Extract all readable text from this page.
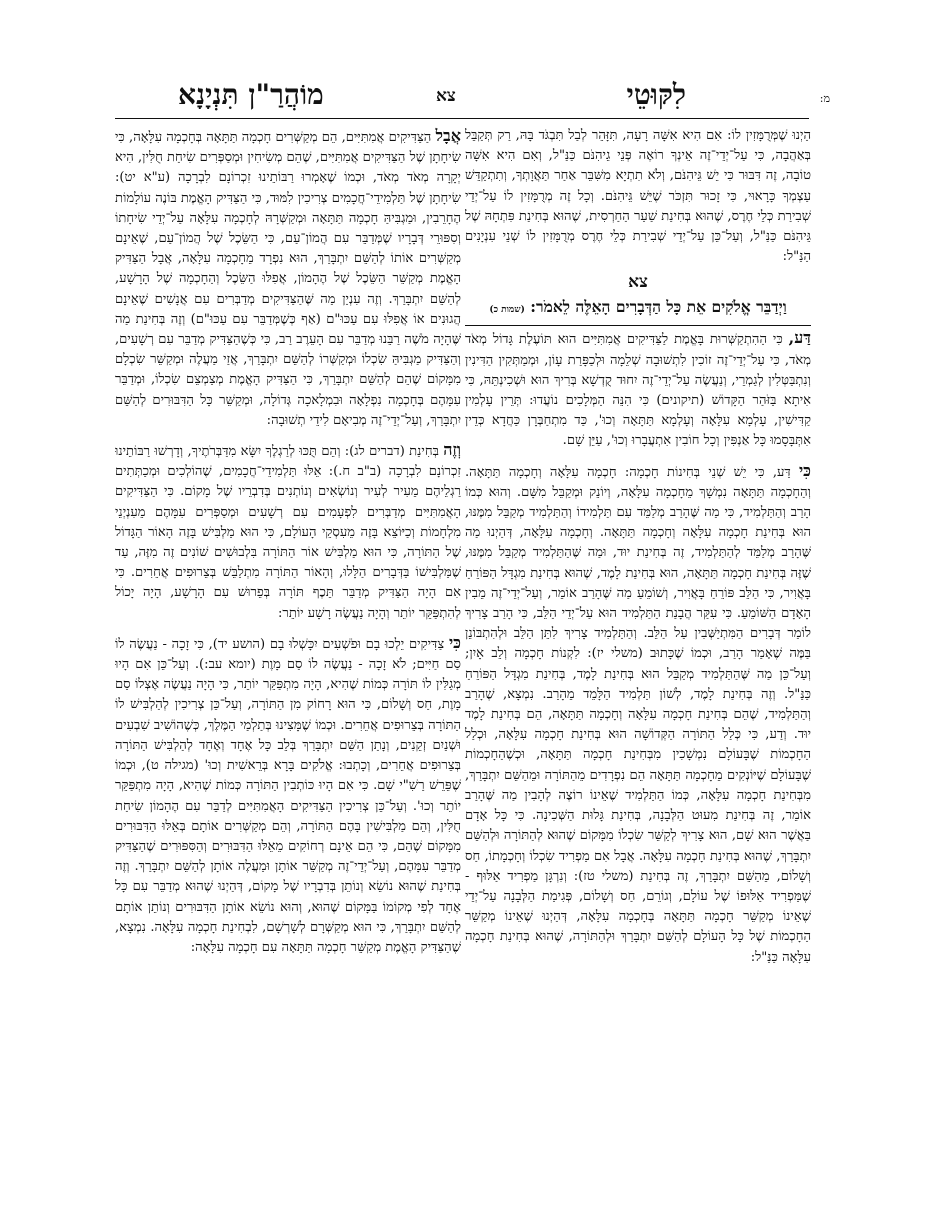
מ:
לִקּוּטֵי
צא
מוֹהֲרַ"ן תִּנְיָנָא

הַיְנוּ שֶׁמְּרֻמָּזִין לוֹ: אִם הִיא אִשָּׁה רָעָה, תִּזָּהֵר לְבַל תִּבְגֹּד בָּהּ, רַק תְּקַבֵּל בְּאַהֲבָה, כִּי עַל־יְדֵי־זֶה אֵינְךָ רוֹאֶה פְּנֵי גֵיהִנֹּם כַּנַּ"ל, וְאִם הִיא אִשָּׁה טוֹבָה, זֶה דִּבּוּר כִּי יֵשׁ גֵּיהִנֹּם, וְלֹא תִתְיָא מִשִּׁבֵּר אַחַר תַּאֲוָתְךָ, וְתִתְקַדֵּשׁ עַצְמְךָ כָּרָאוּי, כִּי זָכוּר תִּזְכֹּר שֶׁיֵּשׁ גֵּיהִנֹּם. וְכָל זֶה מְרֻמָּזִין לוֹ עַל־יְדֵי שְׁבִירַת כְּלֵי חֶרֶס, שֶׁהוּא בְּחִינַת שַׁעַר הַחַרְסִית, שֶׁהוּא בְּחִינַת פִּתְחָהּ שֶׁל גֵּיהִנֹּם כַּנַּ"ל, וְעַל־כֵּן עַל־יְדֵי שְׁבִירַת כְּלֵי חֶרֶס מְרֻמָּזִין לוֹ שְׁנֵי עִנְיָנִים הַנַּ"ל:

צא
וַיְדַבֵּר אֱלֹקִים אֵת כָּל הַדְּבָרִים הָאֵלֶּה לֵאמֹר: (שמות כ)

דַּע, כִּי הַהִתְקַשְּׁרוּת בָּאֱמֶת לַצַּדִּיקִים אֲמִתִּיִּים הוּא תּוֹעֶלֶת גָּדוֹל מְאֹד מְאֹד, כִּי עַל־יְדֵי־זֶה זוֹכִין לִתְשׁוּבָה שְׁלֵמָה וּלְכַפָּרַת עָוֹן, וּמְמַתְּקִין הַדִּינִין וְנִתְבַּטְּלִין לְגַמְרֵי, וְנַעֲשֶׂה עַל־יְדֵי־זֶה יִחוּד קֻדְשָׁא בְּרִיךְ הוּא וּשְׁכִינְתֵּהּ, כִּי אִיתָא בַּזֹּהַר הַקָּדוֹשׁ (תיקונים) כִּי הִנֵּה הַמְּלָכִים נוֹעֲדוּ: תְּרֵין עָלְמִין קַדִּישִׁין, עָלְמָא עִלָּאָה וְעָלְמָא תַּתָּאָה וְכוּ', כַּד מִתְחַבְּרָן כַּחֲדָא כְּדֵין אִתְּבָּסָמוּ כָּל אַנְפִּין וְכָל חוֹבִין אִתְעֲבָרוּ וְכוּ', עַיֵּן שָׁם.

כִּי דַּע, כִּי יֵשׁ שְׁנֵי בְּחִינוֹת חָכְמָה: חָכְמָה עִלָּאָה וְחָכְמָה תַּתָּאָה. וְהַחָכְמָה תַּתָּאָה נִמְשָׁךְ מֵחָכְמָה עִלָּאָה, וְיוֹנֵק וּמְקַבֵּל מִשָּׁם. וְהוּא כְּמוֹ הָרַב וְהַתַּלְמִיד, כִּי מַה שֶּׁהָרַב מְלַמֵּד עִם תַּלְמִידוֹ וְהַתַּלְמִיד מְקַבֵּל מִמֶּנּוּ, הוּא בְּחִינַת חָכְמָה עִלָּאָה וְחָכְמָה תַּתָּאָה. וְחָכְמָה עִלָּאָה, דְּהַיְנוּ מַה שֶּׁהָרַב מְלַמֵּד לְהַתַּלְמִיד, זֶה בְּחִינַת יוּד, וּמַה שֶּׁהַתַּלְמִיד מְקַבֵּל מִמֶּנּוּ, שֶׁזֶּה בְּחִינַת חָכְמָה תַּתָּאָה, הוּא בְּחִינַת לָמֶד, שֶׁהוּא בְּחִינַת מִגְדָּל הַפּוֹרֵחַ בָּאֲוִיר, כִּי הַלֵּב פּוֹרֵחַ בָּאֲוִיר, וְשׁוֹמֵעַ מַה שֶּׁהָרַב אוֹמֵר, וְעַל־יְדֵי־זֶה מֵבִין הָאָדָם הַשּׁוֹמֵעַ. כִּי עִקַּר הֲבָנַת הַתַּלְמִיד הוּא עַל־יְדֵי הַלֵּב, כִּי הָרַב צָרִיךְ לוֹמַר דְּבָרִים הַמִּתְיַשְּׁבִין עַל הַלֵּב. וְהַתַּלְמִיד צָרִיךְ לִתֵּן הַלֵּב וּלְהִתְבּוֹנֵן בַּמֶּה שֶׁאָמַר הָרַב, וּכְמוֹ שֶׁכָּתוּב (משלי יז): לִקְנוֹת חָכְמָה וְלֵב אָיִן; וְעַל־כֵּן מַה שֶּׁהַתַּלְמִיד מְקַבֵּל הוּא בְּחִינַת לָמֶד, בְּחִינַת מִגְדָּל הַפּוֹרֵחַ כַּנַּ"ל. וְזֶה בְּחִינַת לָמֶד, לְשׁוֹן תַּלְמִיד הַלָּמֵד מֵהָרַב. נִמְצָא, שֶׁהָרַב וְהַתַּלְמִיד, שֶׁהֵם בְּחִינַת חָכְמָה עִלָּאָה וְחָכְמָה תַּתָּאָה, הֵם בְּחִינַת לָמֶד יוּד. וְדַע, כִּי כְּלַל הַתּוֹרָה הַקְּדוֹשָׁה הוּא בְּחִינַת חָכְמָה עִלָּאָה, וּכְלַל הַחָכְמוֹת שֶׁבָּעוֹלָם נִמְשָׁכִין מִבְּחִינַת חָכְמָה תַּתָּאָה, וּכְשֶׁהַחָכְמוֹת שֶׁבָּעוֹלָם שֶׁיּוֹנְקִים מֵחָכְמָה תַּתָּאָה הֵם נִפְרָדִים מֵהַתּוֹרָה וּמֵהַשֵּׁם יִתְבָּרַךְ, מִבְּחִינַת חָכְמָה עִלָּאָה, כְּמוֹ הַתַּלְמִיד שֶׁאֵינוֹ רוֹצֶה לְהָבִין מַה שֶּׁהָרַב אוֹמֵר, זֶה בְּחִינַת מִעוּט הַלְּבָנָה, בְּחִינַת גָּלוּת הַשְּׁכִינָה. כִּי כָּל אָדָם בַּאֲשֶׁר הוּא שָׁם, הוּא צָרִיךְ לְקַשֵּׁר שִׂכְלוֹ מִמָּקוֹם שֶׁהוּא לְהַתּוֹרָה וּלְהַשֵּׁם יִתְבָּרַךְ, שֶׁהוּא בְּחִינַת חָכְמָה עִלָּאָה. אֲבָל אִם מַפְרִיד שִׂכְלוֹ וְחָכְמָתוֹ, חַס וְשָׁלוֹם, מֵהַשֵּׁם יִתְבָּרַךְ, זֶה בְּחִינַת (משלי טז): וְנִרְגָּן מַפְרִיד אַלּוּף - שֶׁמַּפְרִיד אַלּוּפוֹ שֶׁל עוֹלָם, וְגוֹרֵם, חַס וְשָׁלוֹם, פְּגִימַת הַלְּבָנָה עַל־יְדֵי שֶׁאֵינוֹ מְקַשֵּׁר חָכְמָה תַּתָּאָה בְּחָכְמָה עִלָּאָה, דְּהַיְנוּ שֶׁאֵינוֹ מְקַשֵּׁר הַחָכְמוֹת שֶׁל כָּל הָעוֹלָם לְהַשֵּׁם יִתְבָּרַךְ וּלְהַתּוֹרָה, שֶׁהוּא בְּחִינַת חָכְמָה עִלָּאָה כַּנַּ"ל:

אֲבָל הַצַּדִּיקִים אֲמִתִּיִּים, הֵם מְקַשְּׁרִים חָכְמָה תַּתָּאָה בְּחָכְמָה עִלָּאָה, כִּי שִׂיחָתָן שֶׁל הַצַּדִּיקִים אֲמִתִּיִּים, שֶׁהֵם מְשִׂיחִין וּמְסַפְּרִים שִׂיחַת חֻלִּין, הִיא יְקָרָה מְאֹד מְאֹד, וּכְמוֹ שֶׁאָמְרוּ רַבּוֹתֵינוּ זִכְרוֹנָם לִבְרָכָה (ע"א יט): שִׂיחָתָן שֶׁל תַּלְמִידֵי־חֲכָמִים צְרִיכִין לִמּוּד, כִּי הַצַּדִּיק הָאֱמֶת בּוֹנֶה עוֹלָמוֹת הֶחָרֵבִין, וּמַגְבִּיהַּ חָכְמָה תַּתָּאָה וּמְקַשְּׁרָהּ לְחָכְמָה עִלָּאָה עַל־יְדֵי שִׂיחָתוֹ וְסִפּוּרֵי דְּבָרָיו שֶׁמְּדַבֵּר עִם הֲמוֹן־עַם, כִּי הַשֵּׂכֶל שֶׁל הֲמוֹן־עַם, שֶׁאֵינָם מְקַשְּׁרִים אוֹתוֹ לְהַשֵּׁם יִתְבָּרַךְ, הוּא נִפְרָד מֵחָכְמָה עִלָּאָה, אֲבָל הַצַּדִּיק הָאֱמֶת מְקַשֵּׁר הַשֵּׂכֶל שֶׁל הֶהָמוֹן, אֲפִלּוּ הַשֵּׂכֶל וְהַחָכְמָה שֶׁל הָרָשָׁע, לְהַשֵּׁם יִתְבָּרַךְ. וְזֶה עִנְיַן מַה שֶּׁהַצַּדִּיקִים מְדַבְּרִים עִם אֲנָשִׁים שֶׁאֵינָם הֲגוּנִים אוֹ אֲפִלּוּ עִם עַכּוּ"ם (אַף כְּשֶׁמְּדַבֵּר עִם עַכּוּ"ם) וְזֶה בְּחִינַת מַה שֶּׁהָיָה מֹשֶׁה רַבֵּנוּ מְדַבֵּר עִם הָעֵרֶב רַב, כִּי כְּשֶׁהַצַּדִּיק מְדַבֵּר עִם רְשָׁעִים, וְהַצַּדִּיק מַגְבִּיהַּ שִׂכְלוֹ וּמְקַשְּׁרוֹ לְהַשֵּׁם יִתְבָּרַךְ, אֲזַי מַעֲלֶה וּמְקַשֵּׁר שִׂכְלָם מִמָּקוֹם שֶׁהֵם לְהַשֵּׁם יִתְבָּרַךְ, כִּי הַצַּדִּיק הָאֱמֶת מְצַמְצֵם שִׂכְלוֹ, וּמְדַבֵּר עִמָּהֶם בְּחָכְמָה נִפְלָאָה וּבִמְלָאכָה גְּדוֹלָה, וּמְקַשֵּׁר כָּל הַדִּבּוּרִים לְהַשֵּׁם יִתְבָּרַךְ, וְעַל־יְדֵי־זֶה מְבִיאָם לִידֵי תְשׁוּבָה:

וְזֶה בְּחִינַת (דברים לג): וְהֵם תֻּכּוּ לְרַגְלֶךָ יִשָּׂא מִדַּבְּרֹתֶיךָ, וְדָרְשׁוּ רַבּוֹתֵינוּ זִכְרוֹנָם לִבְרָכָה (ב"ב ח.): אֵלּוּ תַּלְמִידֵי־חֲכָמִים, שֶׁהוֹלְכִים וּמְכַתְּתִים רַגְלֵיהֶם מֵעִיר לְעִיר וְנוֹשְׂאִים וְנוֹתְנִים בְּדִבְרֵיו שֶׁל מָקוֹם. כִּי הַצַּדִּיקִים הָאֲמִתִּיִּים מְדַבְּרִים לִפְעָמִים עִם רְשָׁעִים וּמְסַפְּרִים עִמָּהֶם מֵעִנְיְנֵי מִלְחָמוֹת וְכַיּוֹצֵא בָּזֶה מֵעִסְקֵי הָעוֹלָם, כִּי הוּא מַלְבִּישׁ בָּזֶה הָאוֹר הַגָּדוֹל שֶׁל הַתּוֹרָה, כִּי הוּא מַלְבִּישׁ אוֹר הַתּוֹרָה בִּלְבוּשִׁים שׁוֹנִים זֶה מִזֶּה, עַד שֶׁמַּלְבִּישׁוֹ בַּדְּבָרִים הַלָּלוּ, וְהָאוֹר הַתּוֹרָה מִתְלַבֵּשׁ בְּצֵרוּפִים אֲחֵרִים. כִּי אִם הָיָה הַצַּדִּיק מְדַבֵּר תֵּכֶף תּוֹרָה בְּפֵרוּשׁ עִם הָרָשָׁע, הָיָה יָכוֹל לְהִתְפַּקֵּר יוֹתֵר וְהָיָה נַעֲשֶׂה רָשָׁע יוֹתֵר:

כִּי צַדִּיקִים יֵלְכוּ בָם וּפֹשְׁעִים יִכָּשְׁלוּ בָם (הושע יד), כִּי זָכָה - נַעֲשֶׂה לוֹ סַם חַיִּים; לֹא זָכָה - נַעֲשֶׂה לוֹ סַם מָוֶת (יומא עב:). וְעַל־כֵּן אִם הָיוּ מְגַלִּין לוֹ תּוֹרָה כְּמוֹת שֶׁהִיא, הָיָה מִתְפַּקֵּר יוֹתֵר, כִּי הָיָה נַעֲשֶׂה אֶצְלוֹ סַם מָוֶת, חַס וְשָׁלוֹם, כִּי הוּא רָחוֹק מִן הַתּוֹרָה, וְעַל־כֵּן צְרִיכִין לְהַלְבִּישׁ לוֹ הַתּוֹרָה בְּצֵרוּפִים אֲחֵרִים. וּכְמוֹ שֶׁמָּצִינוּ בְּתַלְמַי הַמֶּלֶךְ, כְּשֶׁהוֹשִׁיב שִׁבְעִים וּשְׁנַיִם זְקֵנִים, וְנָתַן הַשֵּׁם יִתְבָּרַךְ בְּלֵב כָּל אֶחָד וְאֶחָד לְהַלְבִּישׁ הַתּוֹרָה בְּצֵרוּפִים אֲחֵרִים, וְכָתְבוּ: אֱלֹקִים בָּרָא בְּרֵאשִׁית וְכוּ' (מגילה ט), וּכְמוֹ שֶׁפֵּרֵשׁ רַשִׁ"י שָׁם. כִּי אִם הָיוּ כּוֹתְבִין הַתּוֹרָה כְּמוֹת שֶׁהִיא, הָיָה מִתְפַּקֵּר יוֹתֵר וְכוּ'. וְעַל־כֵּן צְרִיכִין הַצַּדִּיקִים הָאֲמִתִּיִּים לְדַבֵּר עִם הֶהָמוֹן שִׂיחַת חֻלִּין, וְהֵם מַלְבִּישִׁין בָּהֶם הַתּוֹרָה, וְהֵם מְקַשְּׁרִים אוֹתָם בְּאֵלּוּ הַדִּבּוּרִים מִמָּקוֹם שֶׁהֵם, כִּי הֵם אֵינָם רְחוֹקִים מֵאֵלּוּ הַדִּבּוּרִים וְהַסִּפּוּרִים שֶׁהַצַּדִּיק מְדַבֵּר עִמָּהֶם, וְעַל־יְדֵי־זֶה מְקַשֵּׁר אוֹתָן וּמַעֲלֶה אוֹתָן לְהַשֵּׁם יִתְבָּרַךְ. וְזֶה בְּחִינַת שֶׁהוּא נוֹשֵׂא וְנוֹתֵן בְּדִבְרָיו שֶׁל מָקוֹם, דְּהַיְנוּ שֶׁהוּא מְדַבֵּר עִם כָּל אֶחָד לְפִי מְקוֹמוֹ בַּמָּקוֹם שֶׁהוּא, וְהוּא נוֹשֵׂא אוֹתָן הַדִּבּוּרִים וְנוֹתֵן אוֹתָם לְהַשֵּׁם יִתְבָּרַךְ, כִּי הוּא מְקַשְּׁרָם לְשָׁרְשָׁם, לִבְחִינַת חָכְמָה עִלָּאָה. נִמְצָא, שֶׁהַצַּדִּיק הָאֱמֶת מְקַשֵּׁר חָכְמָה תַּתָּאָה עִם חָכְמָה עִלָּאָה:
